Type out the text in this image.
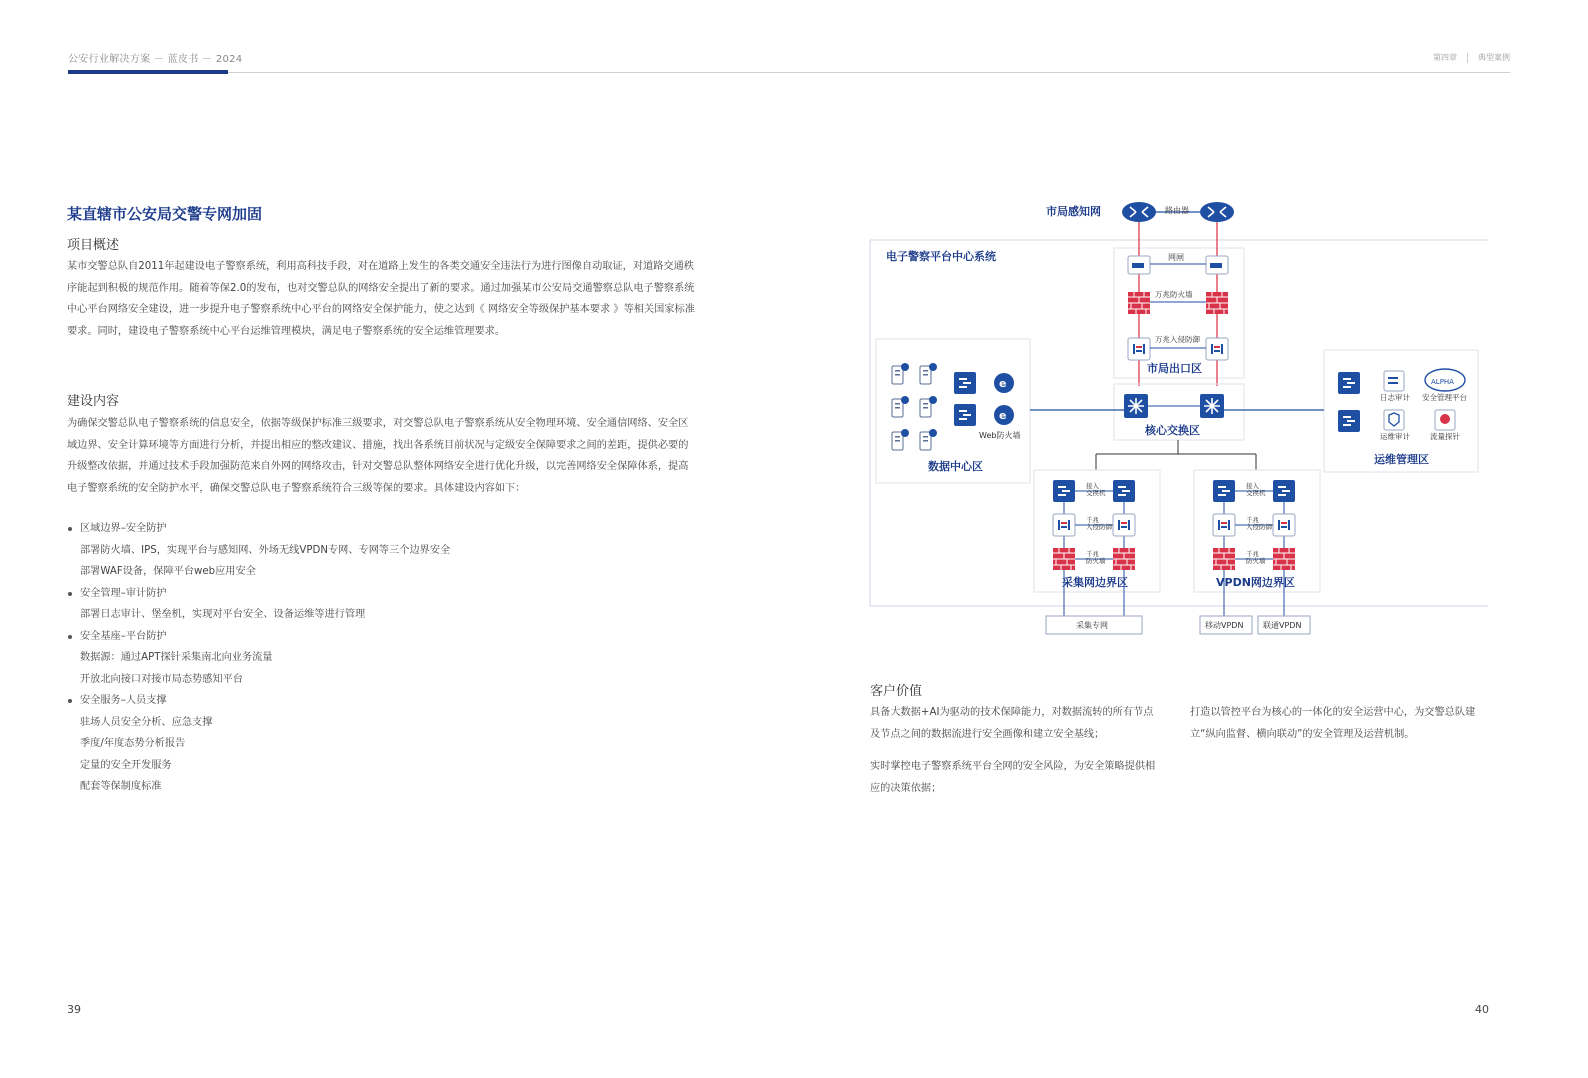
公安行业解决方案 － 蓝皮书 － 2024	第四章	典型案例
某直辖市公安局交警专网加固
项目概述
某市交警总队自2011年起建设电子警察系统，利用高科技手段，对在道路上发生的各类交通安全违法行为进行图像自动取证，对道路交通秩序能起到积极的规范作用。随着等保2.0的发布，也对交警总队的网络安全提出了新的要求。通过加强某市公安局交通警察总队电子警察系统中心平台网络安全建设，进一步提升电子警察系统中心平台的网络安全保护能力，使之达到《 网络安全等级保护基本要求 》等相关国家标准要求。同时，建设电子警察系统中心平台运维管理模块，满足电子警察系统的安全运维管理要求。
建设内容
为确保交警总队电子警察系统的信息安全，依据等级保护标准三级要求，对交警总队电子警察系统从安全物理环境、安全通信网络、安全区域边界、安全计算环境等方面进行分析，并提出相应的整改建议、措施，找出各系统目前状况与定级安全保障要求之间的差距，提供必要的升级整改依据，并通过技术手段加强防范来自外网的网络攻击，针对交警总队整体网络安全进行优化升级，以完善网络安全保障体系，提高电子警察系统的安全防护水平，确保交警总队电子警察系统符合三级等保的要求。具体建设内容如下：
区域边界–安全防护
部署防火墙、IPS，实现平台与感知网、外场无线VPDN专网、专网等三个边界安全
部署WAF设备，保障平台web应用安全
安全管理–审计防护
部署日志审计、堡垒机，实现对平台安全、设备运维等进行管理
安全基座–平台防护
数据源：通过APT探针采集南北向业务流量
开放北向接口对接市局态势感知平台
安全服务–人员支撑
驻场人员安全分析、应急支撑
季度/年度态势分析报告
定量的安全开发服务
配套等保制度标准
电子警察平台中心系统
市局感知网	路由器
网闸
万兆防火墙
万兆入侵防御
市局出口区
核心交换区
e
e
Web防火墙
数据中心区
日志审计
ALPHA
安全管理平台
运维审计	流量探针
运维管理区
接入交换机
千兆入侵防御
千兆防火墙
采集网边界区
接入交换机
千兆入侵防御
千兆防火墙
VPDN网边界区
采集专网	移动VPDN 联通VPDN
客户价值
具备大数据+AI为驱动的技术保障能力，对数据流转的所有节点及节点之间的数据流进行安全画像和建立安全基线；
实时掌控电子警察系统平台全网的安全风险，为安全策略提供相应的决策依据；
打造以管控平台为核心的一体化的安全运营中心，为交警总队建立“纵向监督、横向联动”的安全管理及运营机制。
39	40
